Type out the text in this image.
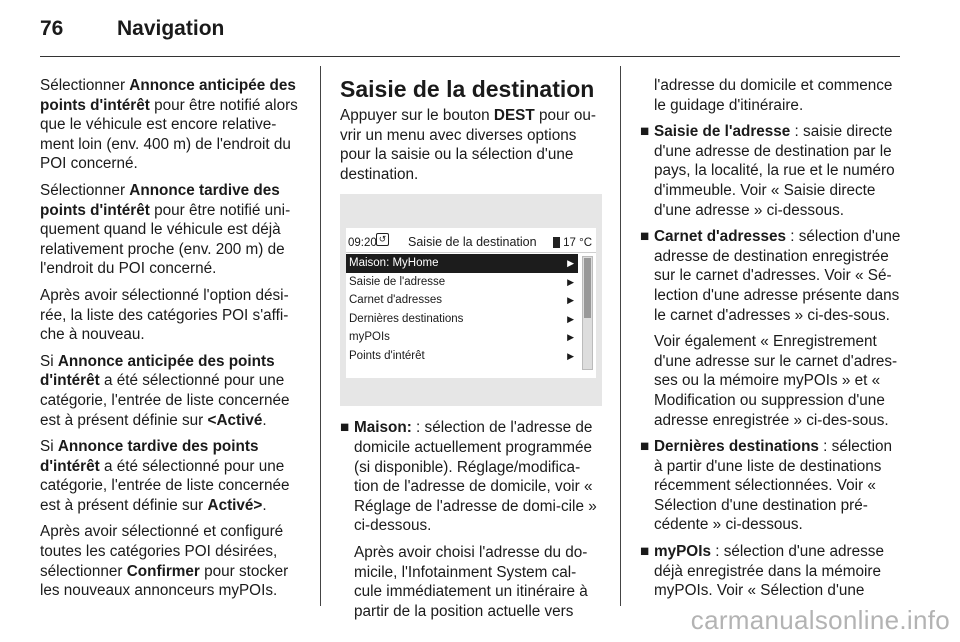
76	Navigation

Sélectionner Annonce anticipée des points d'intérêt pour être notifié alors que le véhicule est encore relative-ment loin (env. 400 m) de l'endroit du POI concerné.

Sélectionner Annonce tardive des points d'intérêt pour être notifié uni-quement quand le véhicule est déjà relativement proche (env. 200 m) de l'endroit du POI concerné.

Après avoir sélectionné l'option dési-rée, la liste des catégories POI s'affi-che à nouveau.

Si Annonce anticipée des points d'intérêt a été sélectionné pour une catégorie, l'entrée de liste concernée est à présent définie sur <Activé.

Si Annonce tardive des points d'intérêt a été sélectionné pour une catégorie, l'entrée de liste concernée est à présent définie sur Activé>.

Après avoir sélectionné et configuré toutes les catégories POI désirées, sélectionner Confirmer pour stocker les nouveaux annonceurs myPOIs.

Saisie de la destination

Appuyer sur le bouton DEST pour ou-vrir un menu avec diverses options pour la saisie ou la sélection d'une destination.

09:20 ↺ Saisie de la destination	17 °C
Maison: MyHome	▶
Saisie de l'adresse	▶
Carnet d'adresses	▶
Dernières destinations	▶
myPOIs	▶
Points d'intérêt	▶
■ Maison: : sélection de l'adresse de domicile actuellement programmée (si disponible). Réglage/modifica-tion de l'adresse de domicile, voir « Réglage de l'adresse de domi-cile » ci-dessous.
Après avoir choisi l'adresse du do-micile, l'Infotainment System cal-cule immédiatement un itinéraire à partir de la position actuelle vers
l'adresse du domicile et commence le guidage d'itinéraire.
■ Saisie de l'adresse : saisie directe d'une adresse de destination par le pays, la localité, la rue et le numéro d'immeuble. Voir « Saisie directe d'une adresse » ci-dessous.
■ Carnet d'adresses : sélection d'une adresse de destination enregistrée sur le carnet d'adresses. Voir « Sé-lection d'une adresse présente dans le carnet d'adresses » ci-des-sous.
Voir également « Enregistrement d'une adresse sur le carnet d'adres-ses ou la mémoire myPOIs » et « Modification ou suppression d'une adresse enregistrée » ci-des-sous.
■ Dernières destinations : sélection à partir d'une liste de destinations récemment sélectionnées. Voir « Sélection d'une destination pré-cédente » ci-dessous.
■ myPOIs : sélection d'une adresse déjà enregistrée dans la mémoire myPOIs. Voir « Sélection d'une
carmanualsonline.info
